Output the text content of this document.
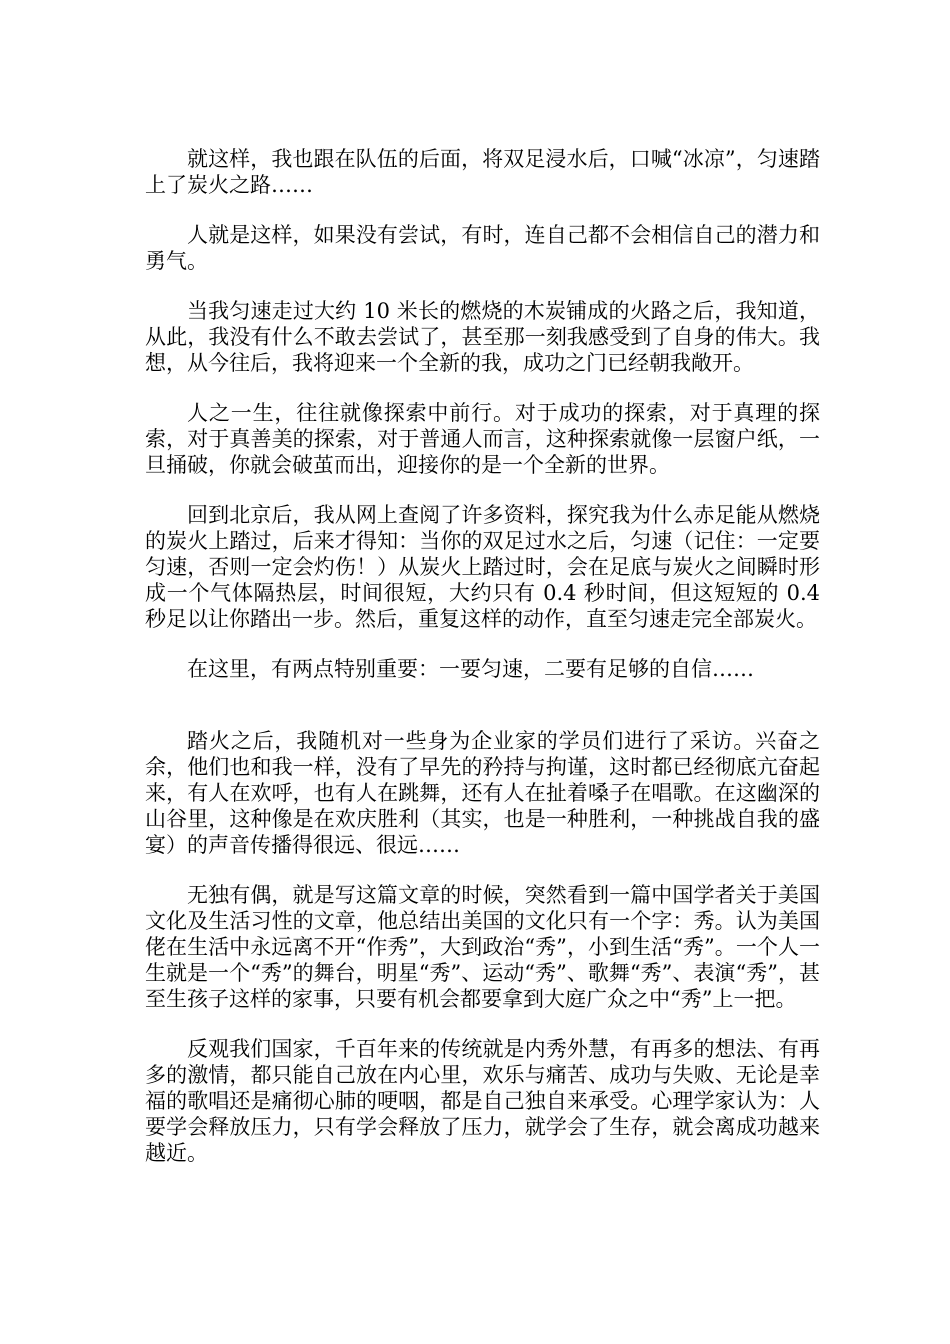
就这样，我也跟在队伍的后面，将双足浸水后，口喊“冰凉”，匀速踏上了炭火之路……

人就是这样，如果没有尝试，有时，连自己都不会相信自己的潜力和勇气。

当我匀速走过大约 10 米长的燃烧的木炭铺成的火路之后，我知道，从此，我没有什么不敢去尝试了，甚至那一刻我感受到了自身的伟大。我想，从今往后，我将迎来一个全新的我，成功之门已经朝我敞开。

人之一生，往往就像探索中前行。对于成功的探索，对于真理的探索，对于真善美的探索，对于普通人而言，这种探索就像一层窗户纸，一旦捅破，你就会破茧而出，迎接你的是一个全新的世界。

回到北京后，我从网上查阅了许多资料，探究我为什么赤足能从燃烧的炭火上踏过，后来才得知：当你的双足过水之后，匀速（记住：一定要匀速，否则一定会灼伤！）从炭火上踏过时，会在足底与炭火之间瞬时形成一个气体隔热层，时间很短，大约只有 0.4 秒时间，但这短短的 0.4 秒足以让你踏出一步。然后，重复这样的动作，直至匀速走完全部炭火。

在这里，有两点特别重要：一要匀速，二要有足够的自信……

踏火之后，我随机对一些身为企业家的学员们进行了采访。兴奋之余，他们也和我一样，没有了早先的矜持与拘谨，这时都已经彻底亢奋起来，有人在欢呼，也有人在跳舞，还有人在扯着嗓子在唱歌。在这幽深的山谷里，这种像是在欢庆胜利（其实，也是一种胜利，一种挑战自我的盛宴）的声音传播得很远、很远……

无独有偶，就是写这篇文章的时候，突然看到一篇中国学者关于美国文化及生活习性的文章，他总结出美国的文化只有一个字：秀。认为美国佬在生活中永远离不开“作秀”，大到政治“秀”，小到生活“秀”。一个人一生就是一个“秀”的舞台，明星“秀”、运动“秀”、歌舞“秀”、表演“秀”，甚至生孩子这样的家事，只要有机会都要拿到大庭广众之中“秀”上一把。

反观我们国家，千百年来的传统就是内秀外慧，有再多的想法、有再多的激情，都只能自己放在内心里，欢乐与痛苦、成功与失败、无论是幸福的歌唱还是痛彻心肺的哽咽，都是自己独自来承受。心理学家认为：人要学会释放压力，只有学会释放了压力，就学会了生存，就会离成功越来越近。
